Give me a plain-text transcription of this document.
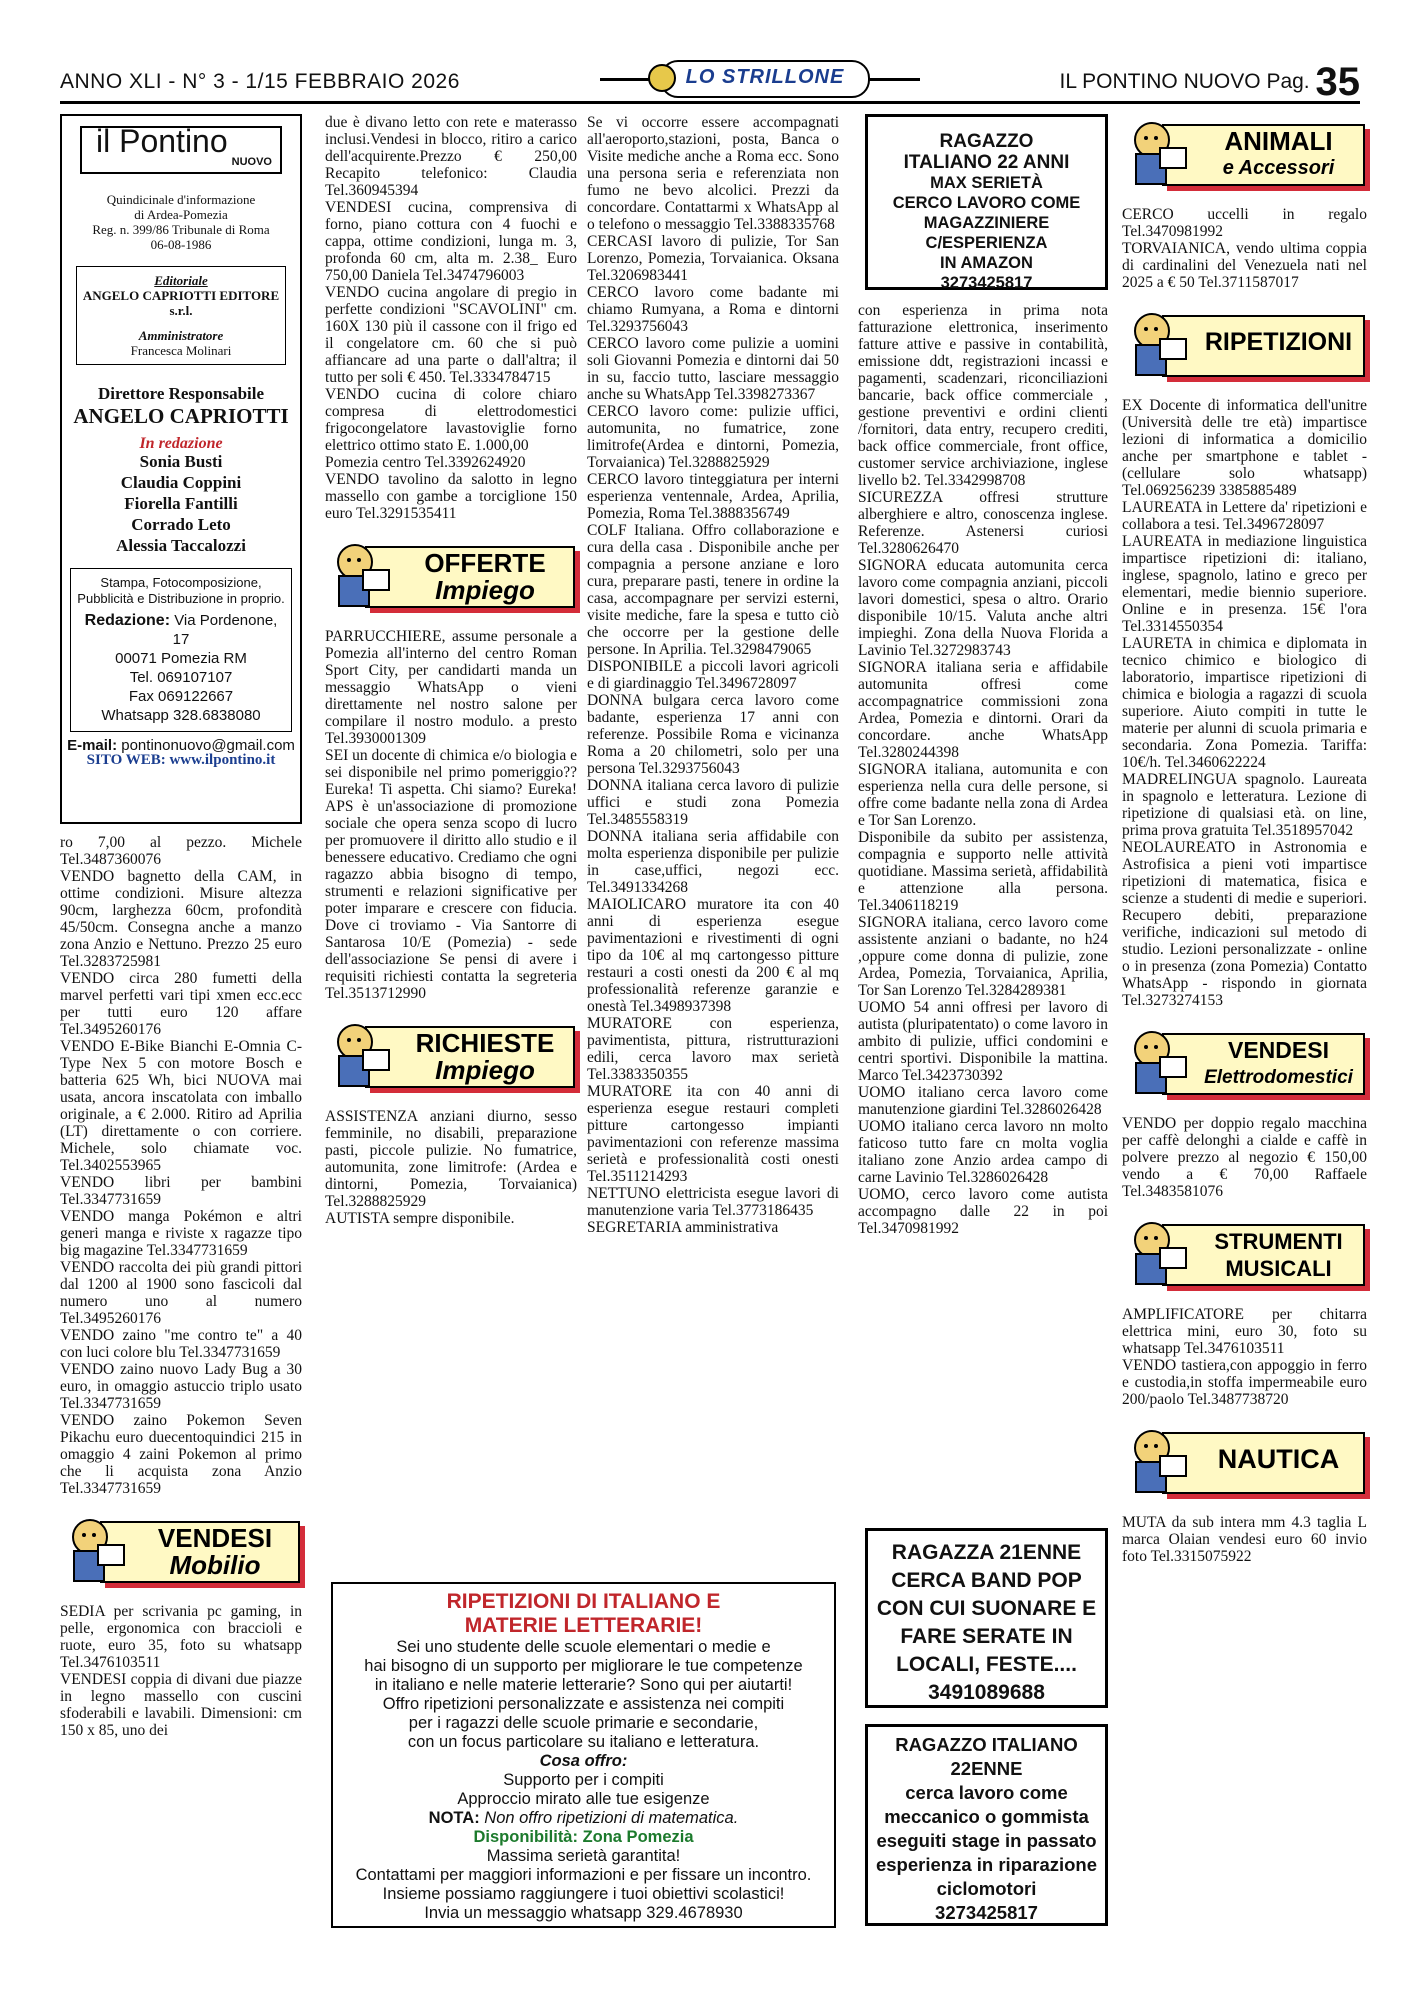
ANNO XLI - N° 3 - 1/15 FEBBRAIO 2026	LO STRILLONE	IL PONTINO NUOVO Pag. 35
il Pontino
NUOVO
Quindicinale d'informazione
di Ardea-Pomezia
Reg. n. 399/86 Tribunale di Roma
06-08-1986
Editoriale
ANGELO CAPRIOTTI EDITORE s.r.l.
Amministratore
Francesca Molinari
Direttore Responsabile
ANGELO CAPRIOTTI
In redazione
Sonia Busti
Claudia Coppini
Fiorella Fantilli
Corrado Leto
Alessia Taccalozzi
Stampa, Fotocomposizione, Pubblicità e Distribuzione in proprio.
Redazione: Via Pordenone, 17
00071 Pomezia RM
Tel. 069107107
Fax 069122667
Whatsapp 328.6838080
E-mail: pontinonuovo@gmail.com
SITO WEB: www.ilpontino.it

ro 7,00 al pezzo. Michele Tel.3487360076

VENDO bagnetto della CAM, in ottime condizioni. Misure altezza 90cm, larghezza 60cm, profondità 45/50cm. Consegna anche a manzo zona Anzio e Nettuno. Prezzo 25 euro Tel.3283725981

VENDO circa 280 fumetti della marvel perfetti vari tipi xmen ecc.ecc per tutti euro 120 affare Tel.3495260176

VENDO E-Bike Bianchi E-Omnia C-Type Nex 5 con motore Bosch e batteria 625 Wh, bici NUOVA mai usata, ancora inscatolata con imballo originale, a € 2.000. Ritiro ad Aprilia (LT) direttamente o con corriere. Michele, solo chiamate voc. Tel.3402553965

VENDO libri per bambini Tel.3347731659

VENDO manga Pokémon e altri generi manga e riviste x ragazze tipo big magazine Tel.3347731659

VENDO raccolta dei più grandi pittori dal 1200 al 1900 sono fascicoli dal numero uno al numero Tel.3495260176

VENDO zaino "me contro te" a 40 con luci colore blu Tel.3347731659

VENDO zaino nuovo Lady Bug a 30 euro, in omaggio astuccio triplo usato Tel.3347731659

VENDO zaino Pokemon Seven Pikachu euro duecentoquindici 215 in omaggio 4 zaini Pokemon al primo che li acquista zona Anzio Tel.3347731659

VENDESI
Mobilio

SEDIA per scrivania pc gaming, in pelle, ergonomica con braccioli e ruote, euro 35, foto su whatsapp Tel.3476103511

VENDESI coppia di divani due piazze in legno massello con cuscini sfoderabili e lavabili. Dimensioni: cm 150 x 85, uno dei

due è divano letto con rete e materasso inclusi.Vendesi in blocco, ritiro a carico dell'acquirente.Prezzo € 250,00 Recapito telefonico: Claudia Tel.360945394

VENDESI cucina, comprensiva di forno, piano cottura con 4 fuochi e cappa, ottime condizioni, lunga m. 3, profonda 60 cm, alta m. 2.38_ Euro 750,00 Daniela Tel.3474796003

VENDO cucina angolare di pregio in perfette condizioni "SCAVOLINI" cm. 160X 130 più il cassone con il frigo ed il congelatore cm. 60 che si può affiancare ad una parte o dall'altra; il tutto per soli € 450. Tel.3334784715

VENDO cucina di colore chiaro compresa di elettrodomestici frigocongelatore lavastoviglie forno elettrico ottimo stato E. 1.000,00

Pomezia centro Tel.3392624920

VENDO tavolino da salotto in legno massello con gambe a torciglione 150 euro Tel.3291535411

OFFERTE
Impiego

PARRUCCHIERE, assume personale a Pomezia all'interno del centro Roman Sport City, per candidarti manda un messaggio WhatsApp o vieni direttamente nel nostro salone per compilare il nostro modulo. a presto Tel.3930001309

SEI un docente di chimica e/o biologia e sei disponibile nel primo pomeriggio?? Eureka! Ti aspetta. Chi siamo? Eureka! APS è un'associazione di promozione sociale che opera senza scopo di lucro per promuovere il diritto allo studio e il benessere educativo. Crediamo che ogni ragazzo abbia bisogno di tempo, strumenti e relazioni significative per poter imparare e crescere con fiducia. Dove ci troviamo - Via Santorre di Santarosa 10/E (Pomezia) - sede dell'associazione Se pensi di avere i requisiti richiesti contatta la segreteria Tel.3513712990

RICHIESTE
Impiego

ASSISTENZA anziani diurno, sesso femminile, no disabili, preparazione pasti, piccole pulizie. No fumatrice, automunita, zone limitrofe: (Ardea e dintorni, Pomezia, Torvaianica) Tel.3288825929

AUTISTA sempre disponibile.

Se vi occorre essere accompagnati all'aeroporto,stazioni, posta, Banca o Visite mediche anche a Roma ecc. Sono una persona seria e referenziata non fumo ne bevo alcolici. Prezzi da concordare. Contattarmi x WhatsApp al o telefono o messaggio Tel.3388335768

CERCASI lavoro di pulizie, Tor San Lorenzo, Pomezia, Torvaianica. Oksana Tel.3206983441

CERCO lavoro come badante mi chiamo Rumyana, a Roma e dintorni Tel.3293756043

CERCO lavoro come pulizie a uomini soli Giovanni Pomezia e dintorni dai 50 in su, faccio tutto, lasciare messaggio anche su WhatsApp Tel.3398273367

CERCO lavoro come: pulizie uffici, automunita, no fumatrice, zone limitrofe(Ardea e dintorni, Pomezia, Torvaianica) Tel.3288825929

CERCO lavoro tinteggiatura per interni esperienza ventennale, Ardea, Aprilia, Pomezia, Roma Tel.3888356749

COLF Italiana. Offro collaborazione e cura della casa . Disponibile anche per compagnia a persone anziane e loro cura, preparare pasti, tenere in ordine la casa, accompagnare per servizi esterni, visite mediche, fare la spesa e tutto ciò che occorre per la gestione delle persone. In Aprilia. Tel.3298479065

DISPONIBILE a piccoli lavori agricoli e di giardinaggio Tel.3496728097

DONNA bulgara cerca lavoro come badante, esperienza 17 anni con referenze. Possibile Roma e vicinanza Roma a 20 chilometri, solo per una persona Tel.3293756043

DONNA italiana cerca lavoro di pulizie uffici e studi zona Pomezia Tel.3485558319

DONNA italiana seria affidabile con molta esperienza disponibile per pulizie in case,uffici, negozi ecc. Tel.3491334268

MAIOLICARO muratore ita con 40 anni di esperienza esegue pavimentazioni e rivestimenti di ogni tipo da 10€ al mq cartongesso pitture restauri a costi onesti da 200 € al mq professionalità referenze garanzie e onestà Tel.3498937398

MURATORE con esperienza, pavimentista, pittura, ristrutturazioni edili, cerca lavoro max serietà Tel.3383350355

MURATORE ita con 40 anni di esperienza esegue restauri completi pitture cartongesso impianti pavimentazioni con referenze massima serietà e professionalità costi onesti Tel.3511214293

NETTUNO elettricista esegue lavori di manutenzione varia Tel.3773186435

SEGRETARIA amministrativa

RAGAZZO
ITALIANO 22 ANNI
MAX SERIETÀ
CERCO LAVORO COME
MAGAZZINIERE
C/ESPERIENZA
IN AMAZON
3273425817

con esperienza in prima nota fatturazione elettronica, inserimento fatture attive e passive in contabilità, emissione ddt, registrazioni incassi e pagamenti, scadenzari, riconciliazioni bancarie, back office commerciale , gestione preventivi e ordini clienti /fornitori, data entry, recupero crediti, back office commerciale, front office, customer service archiviazione, inglese livello b2. Tel.3342998708

SICUREZZA offresi strutture alberghiere e altro, conoscenza inglese. Referenze. Astenersi curiosi Tel.3280626470

SIGNORA educata automunita cerca lavoro come compagnia anziani, piccoli lavori domestici, spesa o altro. Orario disponibile 10/15. Valuta anche altri impieghi. Zona della Nuova Florida a Lavinio Tel.3272983743

SIGNORA italiana seria e affidabile automunita offresi come accompagnatrice commissioni zona Ardea, Pomezia e dintorni. Orari da concordare. anche WhatsApp Tel.3280244398

SIGNORA italiana, automunita e con esperienza nella cura delle persone, si offre come badante nella zona di Ardea e Tor San Lorenzo.

Disponibile da subito per assistenza, compagnia e supporto nelle attività quotidiane. Massima serietà, affidabilità e attenzione alla persona. Tel.3406118219

SIGNORA italiana, cerco lavoro come assistente anziani o badante, no h24 ,oppure come donna di pulizie, zone Ardea, Pomezia, Torvaianica, Aprilia, Tor San Lorenzo Tel.3284289381

UOMO 54 anni offresi per lavoro di autista (pluripatentato) o come lavoro in ambito di pulizie, uffici condomini e centri sportivi. Disponibile la mattina. Marco Tel.3423730392

UOMO italiano cerca lavoro come manutenzione giardini Tel.3286026428

UOMO italiano cerca lavoro nn molto faticoso tutto fare cn molta voglia italiano zone Anzio ardea campo di carne Lavinio Tel.3286026428

UOMO, cerco lavoro come autista accompagno dalle 22 in poi Tel.3470981992

RIPETIZIONI DI ITALIANO E
MATERIE LETTERARIE!
Sei uno studente delle scuole elementari o medie e
hai bisogno di un supporto per migliorare le tue competenze
in italiano e nelle materie letterarie? Sono qui per aiutarti!
Offro ripetizioni personalizzate e assistenza nei compiti
per i ragazzi delle scuole primarie e secondarie,
con un focus particolare su italiano e letteratura.
Cosa offro:
Supporto per i compiti
Approccio mirato alle tue esigenze
NOTA: Non offro ripetizioni di matematica.
Disponibilità: Zona Pomezia
Massima serietà garantita!
Contattami per maggiori informazioni e per fissare un incontro.
Insieme possiamo raggiungere i tuoi obiettivi scolastici!
Invia un messaggio whatsapp 329.4678930
RAGAZZA 21ENNE
CERCA BAND POP
CON CUI SUONARE E
FARE SERATE IN
LOCALI, FESTE....
3491089688
RAGAZZO ITALIANO
22ENNE
cerca lavoro come
meccanico o gommista
eseguiti stage in passato
esperienza in riparazione
ciclomotori
3273425817
ANIMALI
e Accessori

CERCO uccelli in regalo Tel.3470981992

TORVAIANICA, vendo ultima coppia di cardinalini del Venezuela nati nel 2025 a € 50 Tel.3711587017

RIPETIZIONI

EX Docente di informatica dell'unitre (Università delle tre età) impartisce lezioni di informatica a domicilio anche per smartphone e tablet - (cellulare solo whatsapp) Tel.069256239 3385885489

LAUREATA in Lettere da' ripetizioni e collabora a tesi. Tel.3496728097

LAUREATA in mediazione linguistica impartisce ripetizioni di: italiano, inglese, spagnolo, latino e greco per elementari, medie biennio superiore. Online e in presenza. 15€ l'ora Tel.3314550354

LAURETA in chimica e diplomata in tecnico chimico e biologico di laboratorio, impartisce ripetizioni di chimica e biologia a ragazzi di scuola superiore. Aiuto compiti in tutte le materie per alunni di scuola primaria e secondaria. Zona Pomezia. Tariffa: 10€/h. Tel.3460622224

MADRELINGUA spagnolo. Laureata in spagnolo e letteratura. Lezione di ripetizione di qualsiasi età. on line, prima prova gratuita Tel.3518957042

NEOLAUREATO in Astronomia e Astrofisica a pieni voti impartisce ripetizioni di matematica, fisica e scienze a studenti di medie e superiori. Recupero debiti, preparazione verifiche, indicazioni sul metodo di studio. Lezioni personalizzate - online o in presenza (zona Pomezia) Contatto WhatsApp - rispondo in giornata Tel.3273274153

VENDESI
Elettrodomestici

VENDO per doppio regalo macchina per caffè delonghi a cialde e caffè in polvere prezzo al negozio € 150,00 vendo a € 70,00 Raffaele Tel.3483581076

STRUMENTI
MUSICALI

AMPLIFICATORE per chitarra elettrica mini, euro 30, foto su whatsapp Tel.3476103511

VENDO tastiera,con appoggio in ferro e custodia,in stoffa impermeabile euro 200/paolo Tel.3487738720

NAUTICA

MUTA da sub intera mm 4.3 taglia L marca Olaian vendesi euro 60 invio foto Tel.3315075922
